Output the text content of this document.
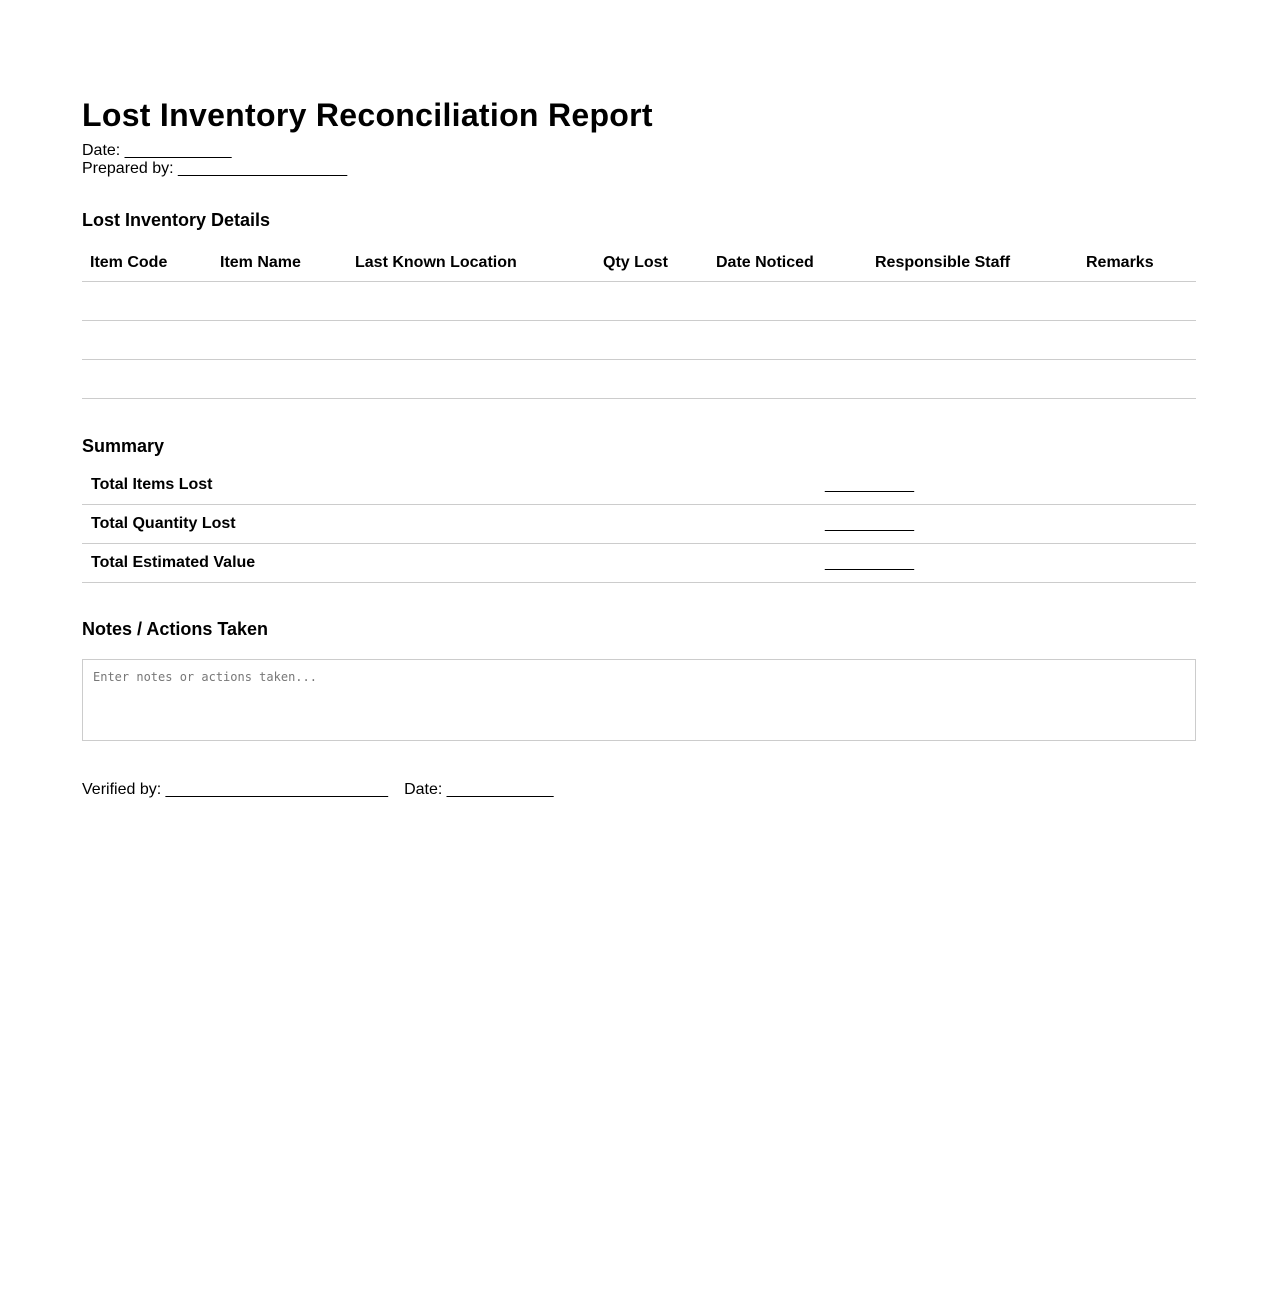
Lost Inventory Reconciliation Report
Date: ____________
Prepared by: ___________________
Lost Inventory Details
Item Code	Item Name	Last Known Location	Qty Lost	Date Noticed	Responsible Staff	Remarks

Summary
Total Items Lost	__________
Total Quantity Lost	__________
Total Estimated Value	__________
Notes / Actions Taken
Enter notes or actions taken...
Verified by: _________________________ Date: ____________
